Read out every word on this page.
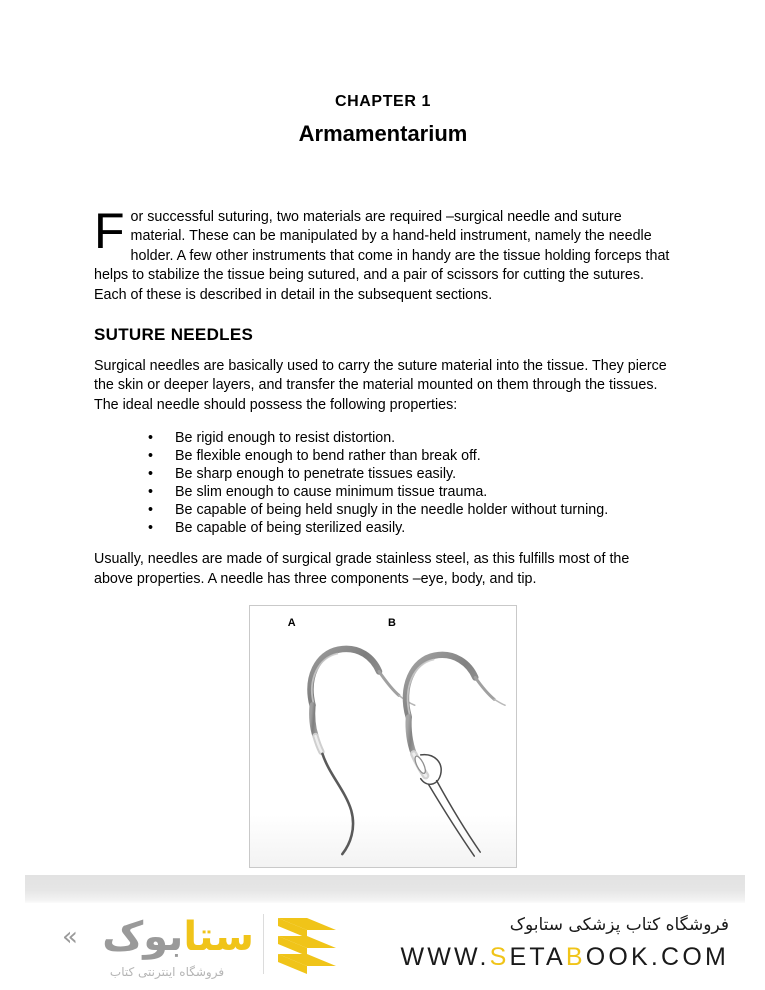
CHAPTER 1
Armamentarium

For successful suturing, two materials are required –surgical needle and suture material. These can be manipulated by a hand-held instrument, namely the needle holder. A few other instruments that come in handy are the tissue holding forceps that helps to stabilize the tissue being sutured, and a pair of scissors for cutting the sutures. Each of these is described in detail in the subsequent sections.

SUTURE NEEDLES

Surgical needles are basically used to carry the suture material into the tissue. They pierce the skin or deeper layers, and transfer the material mounted on them through the tissues. The ideal needle should possess the following properties:

• Be rigid enough to resist distortion.
• Be flexible enough to bend rather than break off.
• Be sharp enough to penetrate tissues easily.
• Be slim enough to cause minimum tissue trauma.
• Be capable of being held snugly in the needle holder without turning.
• Be capable of being sterilized easily.

Usually, needles are made of surgical grade stainless steel, as this fulfills most of the above properties. A needle has three components –eye, body, and tip.

A	B
ستابوک
«
فروشگاه اینترنتی کتاب
فروشگاه کتاب پزشکی ستابوک
WWW.SETABOOK.COM
